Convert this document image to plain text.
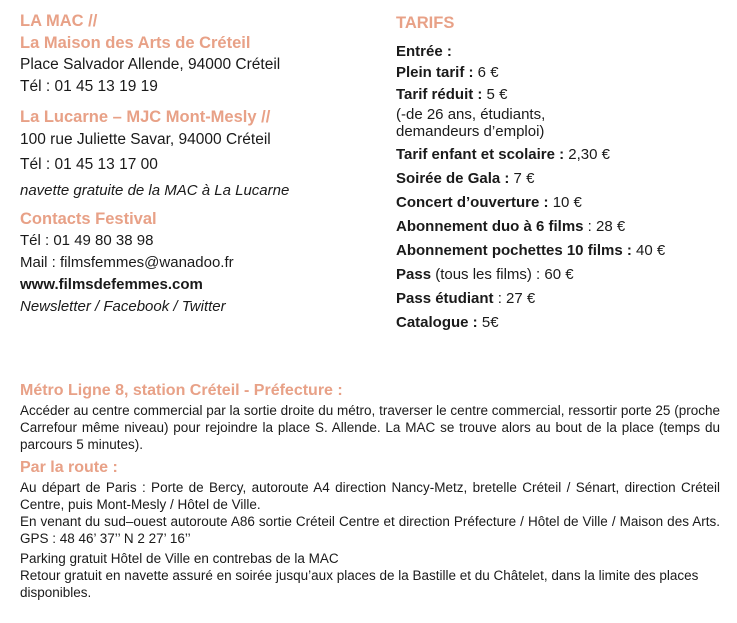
LA MAC //
La Maison des Arts de Créteil
Place Salvador Allende, 94000 Créteil
Tél : 01 45 13 19 19
La Lucarne – MJC Mont-Mesly //
100 rue Juliette Savar, 94000 Créteil
Tél : 01 45 13 17 00
navette gratuite de la MAC à La Lucarne
Contacts Festival
Tél : 01 49 80 38 98
Mail : filmsfemmes@wanadoo.fr
www.filmsdefemmes.com
Newsletter / Facebook / Twitter
TARIFS
Entrée :
Plein tarif : 6 €
Tarif réduit : 5 €
(-de 26 ans, étudiants,
demandeurs d’emploi)
Tarif enfant et scolaire : 2,30 €
Soirée de Gala : 7 €
Concert d’ouverture : 10 €
Abonnement duo à 6 films : 28 €
Abonnement pochettes 10 films : 40 €
Pass (tous les films) : 60 €
Pass étudiant : 27 €
Catalogue : 5€
Métro Ligne 8, station Créteil - Préfecture :

Accéder au centre commercial par la sortie droite du métro, traverser le centre commercial, ressortir porte 25 (proche Carrefour même niveau) pour rejoindre la place S. Allende. La MAC se trouve alors au bout de la place (temps du parcours 5 minutes).

Par la route :

Au départ de Paris : Porte de Bercy, autoroute A4 direction Nancy-Metz, bretelle Créteil / Sénart, direction Créteil Centre, puis Mont-Mesly / Hôtel de Ville.

En venant du sud–ouest autoroute A86 sortie Créteil Centre et direction Préfecture / Hôtel de Ville / Maison des Arts. GPS : 48 46’ 37’’ N 2 27’ 16’’

Parking gratuit Hôtel de Ville en contrebas de la MAC

Retour gratuit en navette assuré en soirée jusqu’aux places de la Bastille et du Châtelet, dans la limite des places disponibles.
